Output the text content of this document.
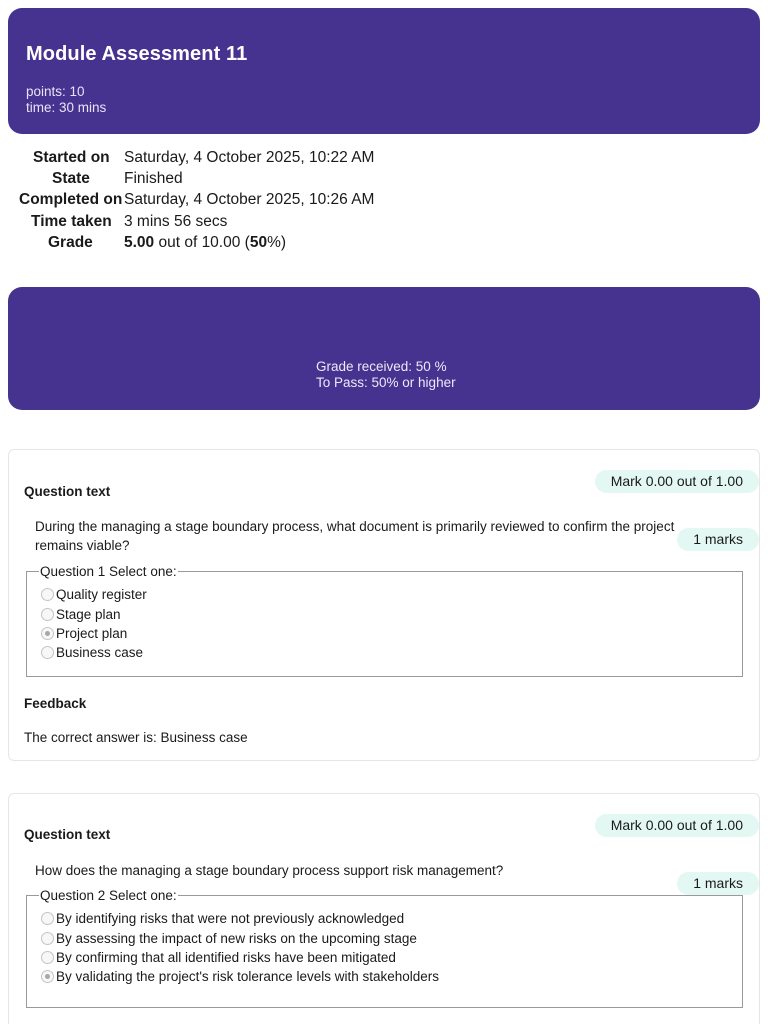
Module Assessment 11
points: 10
time: 30 mins
Started on Saturday, 4 October 2025, 10:22 AM
State Finished
Completed on Saturday, 4 October 2025, 10:26 AM
Time taken 3 mins 56 secs
Grade 5.00 out of 10.00 (50%)
Grade received: 50 %
To Pass: 50% or higher
Mark 0.00 out of 1.00
Question text
During the managing a stage boundary process, what document is primarily reviewed to confirm the project remains viable?	1 marks
Question 1 Select one:
Quality register
Stage plan
Project plan
Business case
Feedback
The correct answer is: Business case
Mark 0.00 out of 1.00
Question text
How does the managing a stage boundary process support risk management?
1 marks
Question 2 Select one:
By identifying risks that were not previously acknowledged
By assessing the impact of new risks on the upcoming stage
By confirming that all identified risks have been mitigated
By validating the project's risk tolerance levels with stakeholders
